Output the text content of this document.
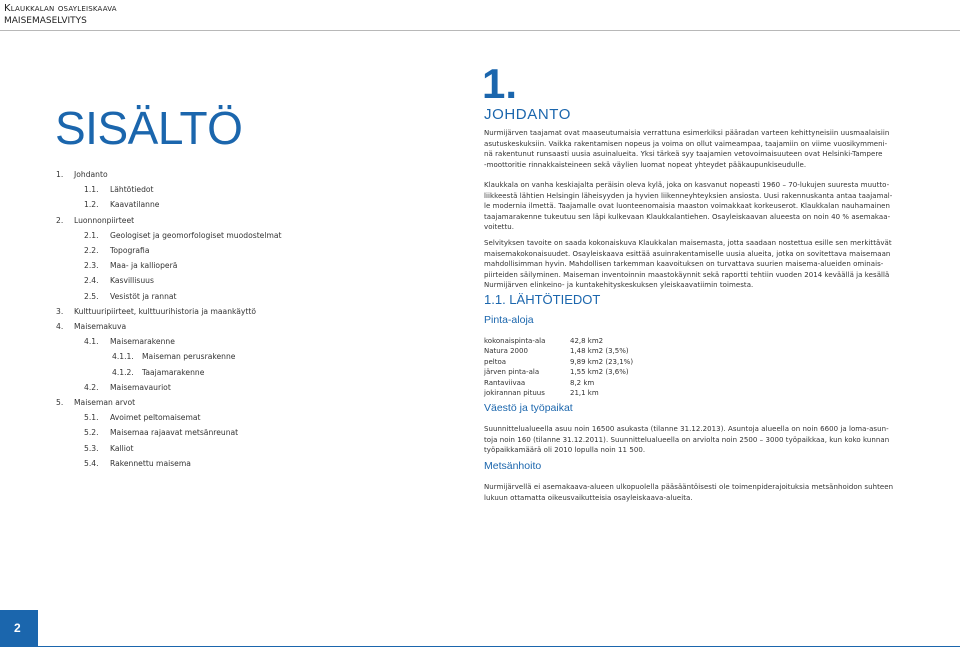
Klaukkalan osayleiskaava
MAISEMASELVITYS
SISÄLTÖ
1. Johdanto
1.1. Lähtötiedot
1.2. Kaavatilanne
2. Luonnonpiirteet
2.1. Geologiset ja geomorfologiset muodostelmat
2.2. Topografia
2.3. Maa- ja kallioperä
2.4. Kasvillisuus
2.5. Vesistöt ja rannat
3. Kulttuuripiirteet, kulttuurihistoria ja maankäyttö
4. Maisemakuva
4.1. Maisemarakenne
4.1.1. Maiseman perusrakenne
4.1.2. Taajamarakenne
4.2. Maisemavauriot
5. Maiseman arvot
5.1. Avoimet peltomaisemat
5.2. Maisemaa rajaavat metsänreunat
5.3. Kalliot
5.4. Rakennettu maisema
1.
JOHDANTO
Nurmijärven taajamat ovat maaseutumaisia verrattuna esimerkiksi pääradan varteen kehittyneisiin uusmaalaisiin
asutuskeskuksiin. Vaikka rakentamisen nopeus ja voima on ollut vaimeampaa, taajamiin on viime vuosikymmeni-
nä rakentunut runsaasti uusia asuinalueita. Yksi tärkeä syy taajamien vetovoimaisuuteen ovat Helsinki-Tampere
-moottoritie rinnakkaisteineen sekä väylien luomat nopeat yhteydet pääkaupunkiseudulle.
Klaukkala on vanha keskiajalta peräisin oleva kylä, joka on kasvanut nopeasti 1960 – 70-lukujen suuresta muutto-
liikkeestä lähtien Helsingin läheisyyden ja hyvien liikenneyhteyksien ansiosta. Uusi rakennuskanta antaa taajamal-
le modernia ilmettä. Taajamalle ovat luonteenomaisia maaston voimakkaat korkeuserot. Klaukkalan nauhamainen
taajamarakenne tukeutuu sen läpi kulkevaan Klaukkalantiehen. Osayleiskaavan alueesta on noin 40 % asemakaa-
voitettu.
Selvityksen tavoite on saada kokonaiskuva Klaukkalan maisemasta, jotta saadaan nostettua esille sen merkittävät
maisemakokonaisuudet. Osayleiskaava esittää asuinrakentamiselle uusia alueita, jotka on sovitettava maisemaan
mahdollisimman hyvin. Mahdollisen tarkemman kaavoituksen on turvattava suurien maisema-alueiden ominais-
piirteiden säilyminen. Maiseman inventoinnin maastokäynnit sekä raportti tehtiin vuoden 2014 keväällä ja kesällä
Nurmijärven elinkeino- ja kuntakehityskeskuksen yleiskaavatiimin toimesta.
1.1. LÄHTÖTIEDOT
Pinta-aloja
kokonaispinta-ala	42,8 km2
Natura 2000	1,48 km2 (3,5%)
peltoa	9,89 km2 (23,1%)
järven pinta-ala	1,55 km2 (3,6%)
Rantaviivaa	8,2 km
jokirannan pituus	21,1 km
Väestö ja työpaikat
Suunnittelualueella asuu noin 16500 asukasta (tilanne 31.12.2013). Asuntoja alueella on noin 6600 ja loma-asun-
toja noin 160 (tilanne 31.12.2011). Suunnittelualueella on arviolta noin 2500 – 3000 työpaikkaa, kun koko kunnan
työpaikkamäärä oli 2010 lopulla noin 11 500.
Metsänhoito
Nurmijärvellä ei asemakaava-alueen ulkopuolella pääsääntöisesti ole toimenpiderajoituksia metsänhoidon suhteen
lukuun ottamatta oikeusvaikutteisia osayleiskaava-alueita.
2
